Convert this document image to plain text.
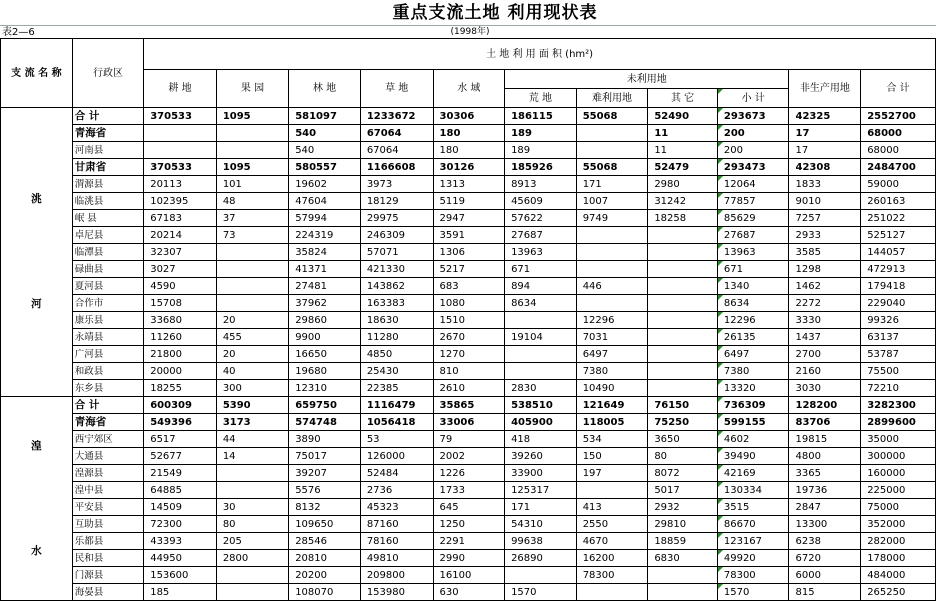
重点支流土地 利用现状表
表2—6	(1998年)
支 流 名 称	行政区	土 地 利 用 面 积 (hm²)										
		耕 地	果 园	林 地	草 地	水 域	未利用地				非生产用地	合 计
							荒 地	难利用地	其 它	小 计		

洮
河	合 计	370533	1095	581097	1233672	30306	186115	55068	52490	293673	42325	2552700
	青海省			540	67064	180	189		11	200	17	68000
	河南县			540	67064	180	189		11	200	17	68000
	甘肃省	370533	1095	580557	1166608	30126	185926	55068	52479	293473	42308	2484700
	渭源县	20113	101	19602	3973	1313	8913	171	2980	12064	1833	59000
	临洮县	102395	48	47604	18129	5119	45609	1007	31242	77857	9010	260163
	岷 县	67183	37	57994	29975	2947	57622	9749	18258	85629	7257	251022
	卓尼县	20214	73	224319	246309	3591	27687			27687	2933	525127
	临潭县	32307		35824	57071	1306	13963			13963	3585	144057
	碌曲县	3027		41371	421330	5217	671			671	1298	472913
	夏河县	4590		27481	143862	683	894	446		1340	1462	179418
	合作市	15708		37962	163383	1080	8634			8634	2272	229040
	康乐县	33680	20	29860	18630	1510		12296		12296	3330	99326
	永靖县	11260	455	9900	11280	2670	19104	7031		26135	1437	63137
	广河县	21800	20	16650	4850	1270		6497		6497	2700	53787
	和政县	20000	40	19680	25430	810		7380		7380	2160	75500
	东乡县	18255	300	12310	22385	2610	2830	10490		13320	3030	72210

湟
水	合 计	600309	5390	659750	1116479	35865	538510	121649	76150	736309	128200	3282300
	青海省	549396	3173	574748	1056418	33006	405900	118005	75250	599155	83706	2899600
	西宁郊区	6517	44	3890	53	79	418	534	3650	4602	19815	35000
	大通县	52677	14	75017	126000	2002	39260	150	80	39490	4800	300000
	湟源县	21549		39207	52484	1226	33900	197	8072	42169	3365	160000
	湟中县	64885		5576	2736	1733	125317		5017	130334	19736	225000
	平安县	14509	30	8132	45323	645	171	413	2932	3515	2847	75000
	互助县	72300	80	109650	87160	1250	54310	2550	29810	86670	13300	352000
	乐都县	43393	205	28546	78160	2291	99638	4670	18859	123167	6238	282000
	民和县	44950	2800	20810	49810	2990	26890	16200	6830	49920	6720	178000
	门源县	153600		20200	209800	16100		78300		78300	6000	484000
	海晏县	185		108070	153980	630	1570			1570	815	265250
